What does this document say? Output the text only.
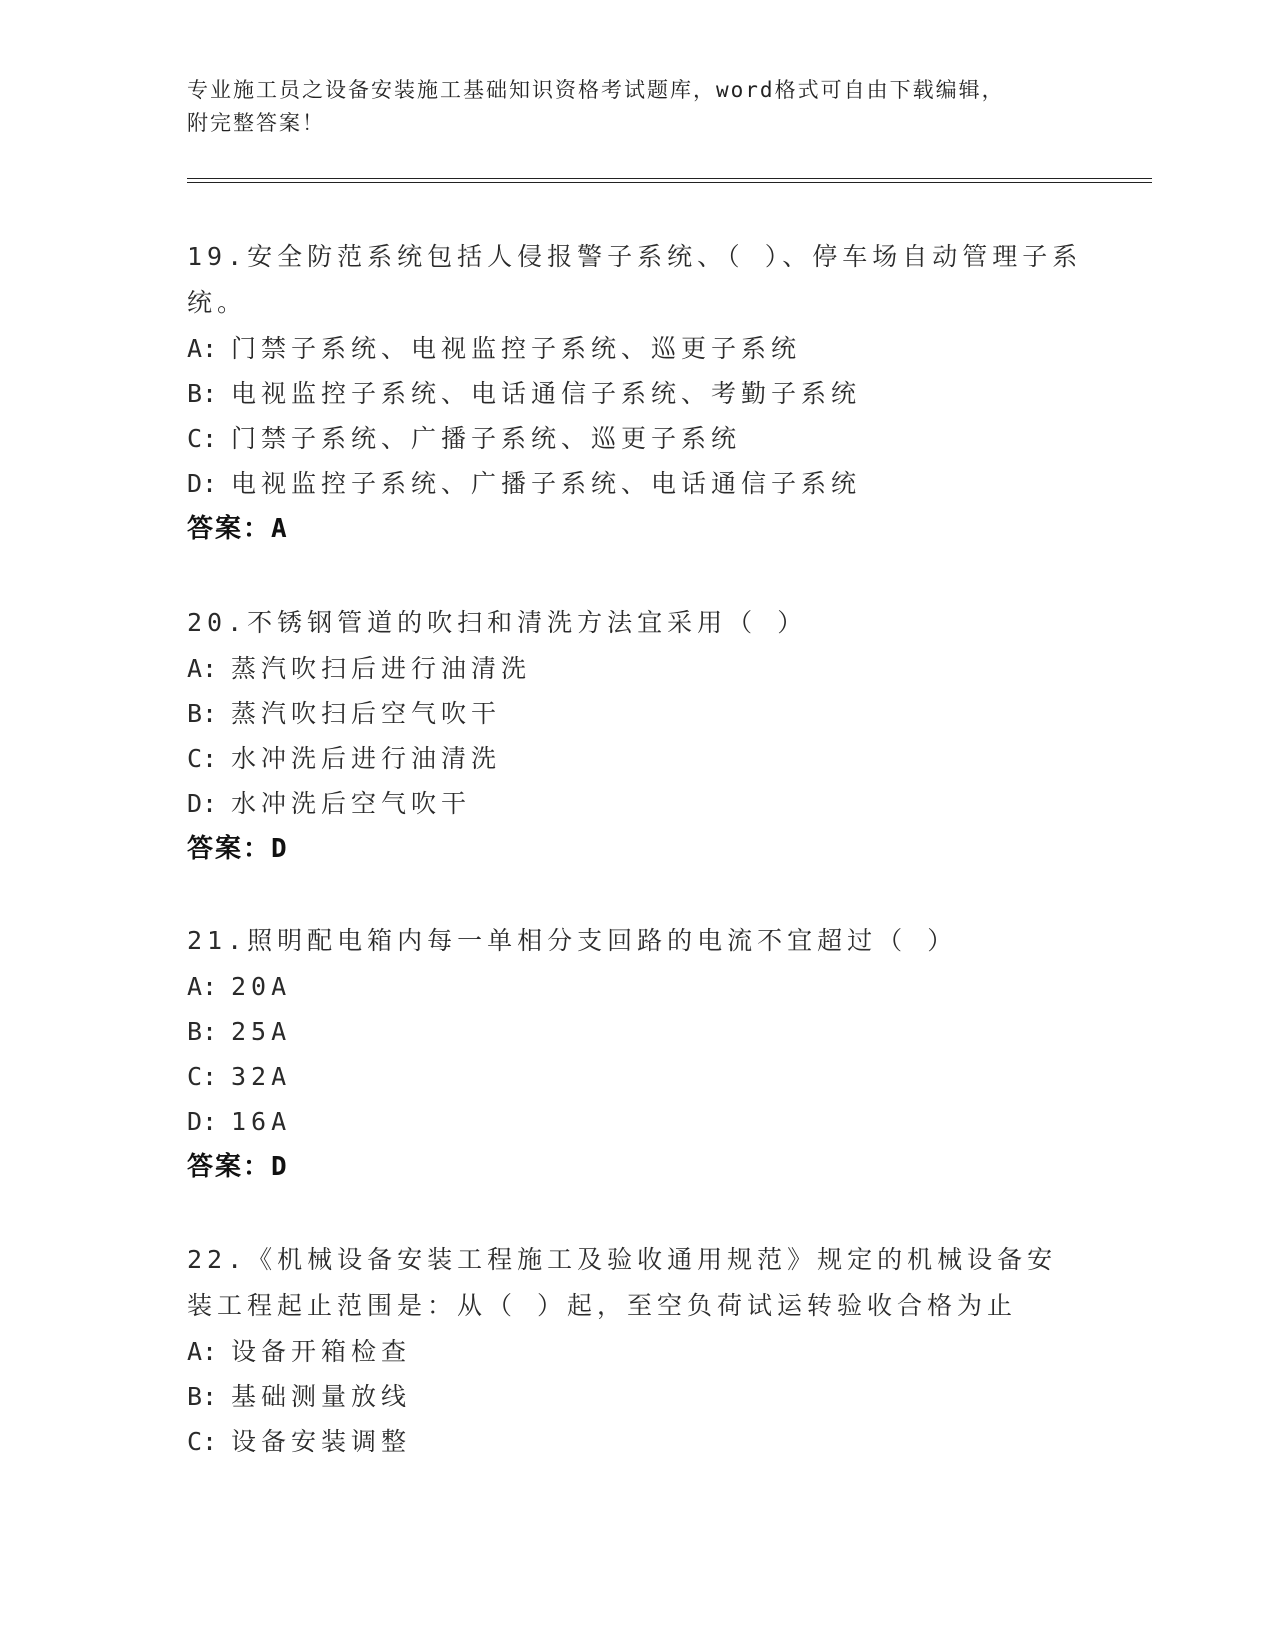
专业施工员之设备安装施工基础知识资格考试题库，word格式可自由下载编辑，
附完整答案！

19.安全防范系统包括人侵报警子系统、（ ）、停车场自动管理子系统。

A: 门禁子系统、电视监控子系统、巡更子系统

B: 电视监控子系统、电话通信子系统、考勤子系统

C: 门禁子系统、广播子系统、巡更子系统

D: 电视监控子系统、广播子系统、电话通信子系统

答案：A

20.不锈钢管道的吹扫和清洗方法宜采用（ ）

A: 蒸汽吹扫后进行油清洗

B: 蒸汽吹扫后空气吹干

C: 水冲洗后进行油清洗

D: 水冲洗后空气吹干

答案：D

21.照明配电箱内每一单相分支回路的电流不宜超过（ ）

A: 20A

B: 25A

C: 32A

D: 16A

答案：D

22.《机械设备安装工程施工及验收通用规范》规定的机械设备安装工程起止范围是：从（ ）起，至空负荷试运转验收合格为止

A: 设备开箱检查

B: 基础测量放线

C: 设备安装调整
